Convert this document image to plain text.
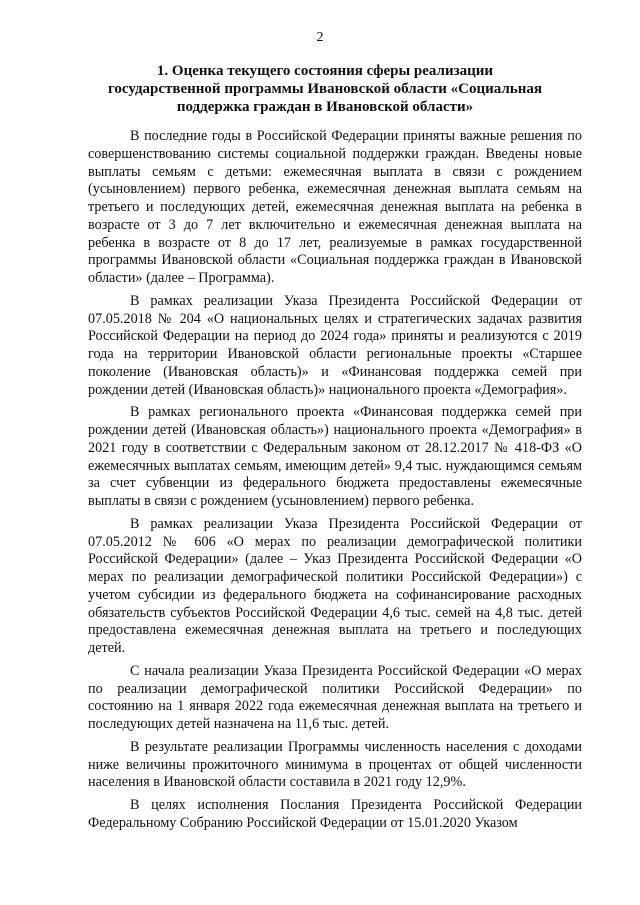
2
1. Оценка текущего состояния сферы реализации государственной программы Ивановской области «Социальная поддержка граждан в Ивановской области»

В последние годы в Российской Федерации приняты важные решения по совершенствованию системы социальной поддержки граждан. Введены новые выплаты семьям с детьми: ежемесячная выплата в связи с рождением (усыновлением) первого ребенка, ежемесячная денежная выплата семьям на третьего и последующих детей, ежемесячная денежная выплата на ребенка в возрасте от 3 до 7 лет включительно и ежемесячная денежная выплата на ребенка в возрасте от 8 до 17 лет, реализуемые в рамках государственной программы Ивановской области «Социальная поддержка граждан в Ивановской области» (далее – Программа).

В рамках реализации Указа Президента Российской Федерации от 07.05.2018 № 204 «О национальных целях и стратегических задачах развития Российской Федерации на период до 2024 года» приняты и реализуются с 2019 года на территории Ивановской области региональные проекты «Старшее поколение (Ивановская область)» и «Финансовая поддержка семей при рождении детей (Ивановская область)» национального проекта «Демография».

В рамках регионального проекта «Финансовая поддержка семей при рождении детей (Ивановская область») национального проекта «Демография» в 2021 году в соответствии с Федеральным законом от 28.12.2017 № 418-ФЗ «О ежемесячных выплатах семьям, имеющим детей» 9,4 тыс. нуждающимся семьям за счет субвенции из федерального бюджета предоставлены ежемесячные выплаты в связи с рождением (усыновлением) первого ребенка.

В рамках реализации Указа Президента Российской Федерации от 07.05.2012 № 606 «О мерах по реализации демографической политики Российской Федерации» (далее – Указ Президента Российской Федерации «О мерах по реализации демографической политики Российской Федерации») с учетом субсидии из федерального бюджета на софинансирование расходных обязательств субъектов Российской Федерации 4,6 тыс. семей на 4,8 тыс. детей предоставлена ежемесячная денежная выплата на третьего и последующих детей.

С начала реализации Указа Президента Российской Федерации «О мерах по реализации демографической политики Российской Федерации» по состоянию на 1 января 2022 года ежемесячная денежная выплата на третьего и последующих детей назначена на 11,6 тыс. детей.

В результате реализации Программы численность населения с доходами ниже величины прожиточного минимума в процентах от общей численности населения в Ивановской области составила в 2021 году 12,9%.

В целях исполнения Послания Президента Российской Федерации Федеральному Собранию Российской Федерации от 15.01.2020 Указом
